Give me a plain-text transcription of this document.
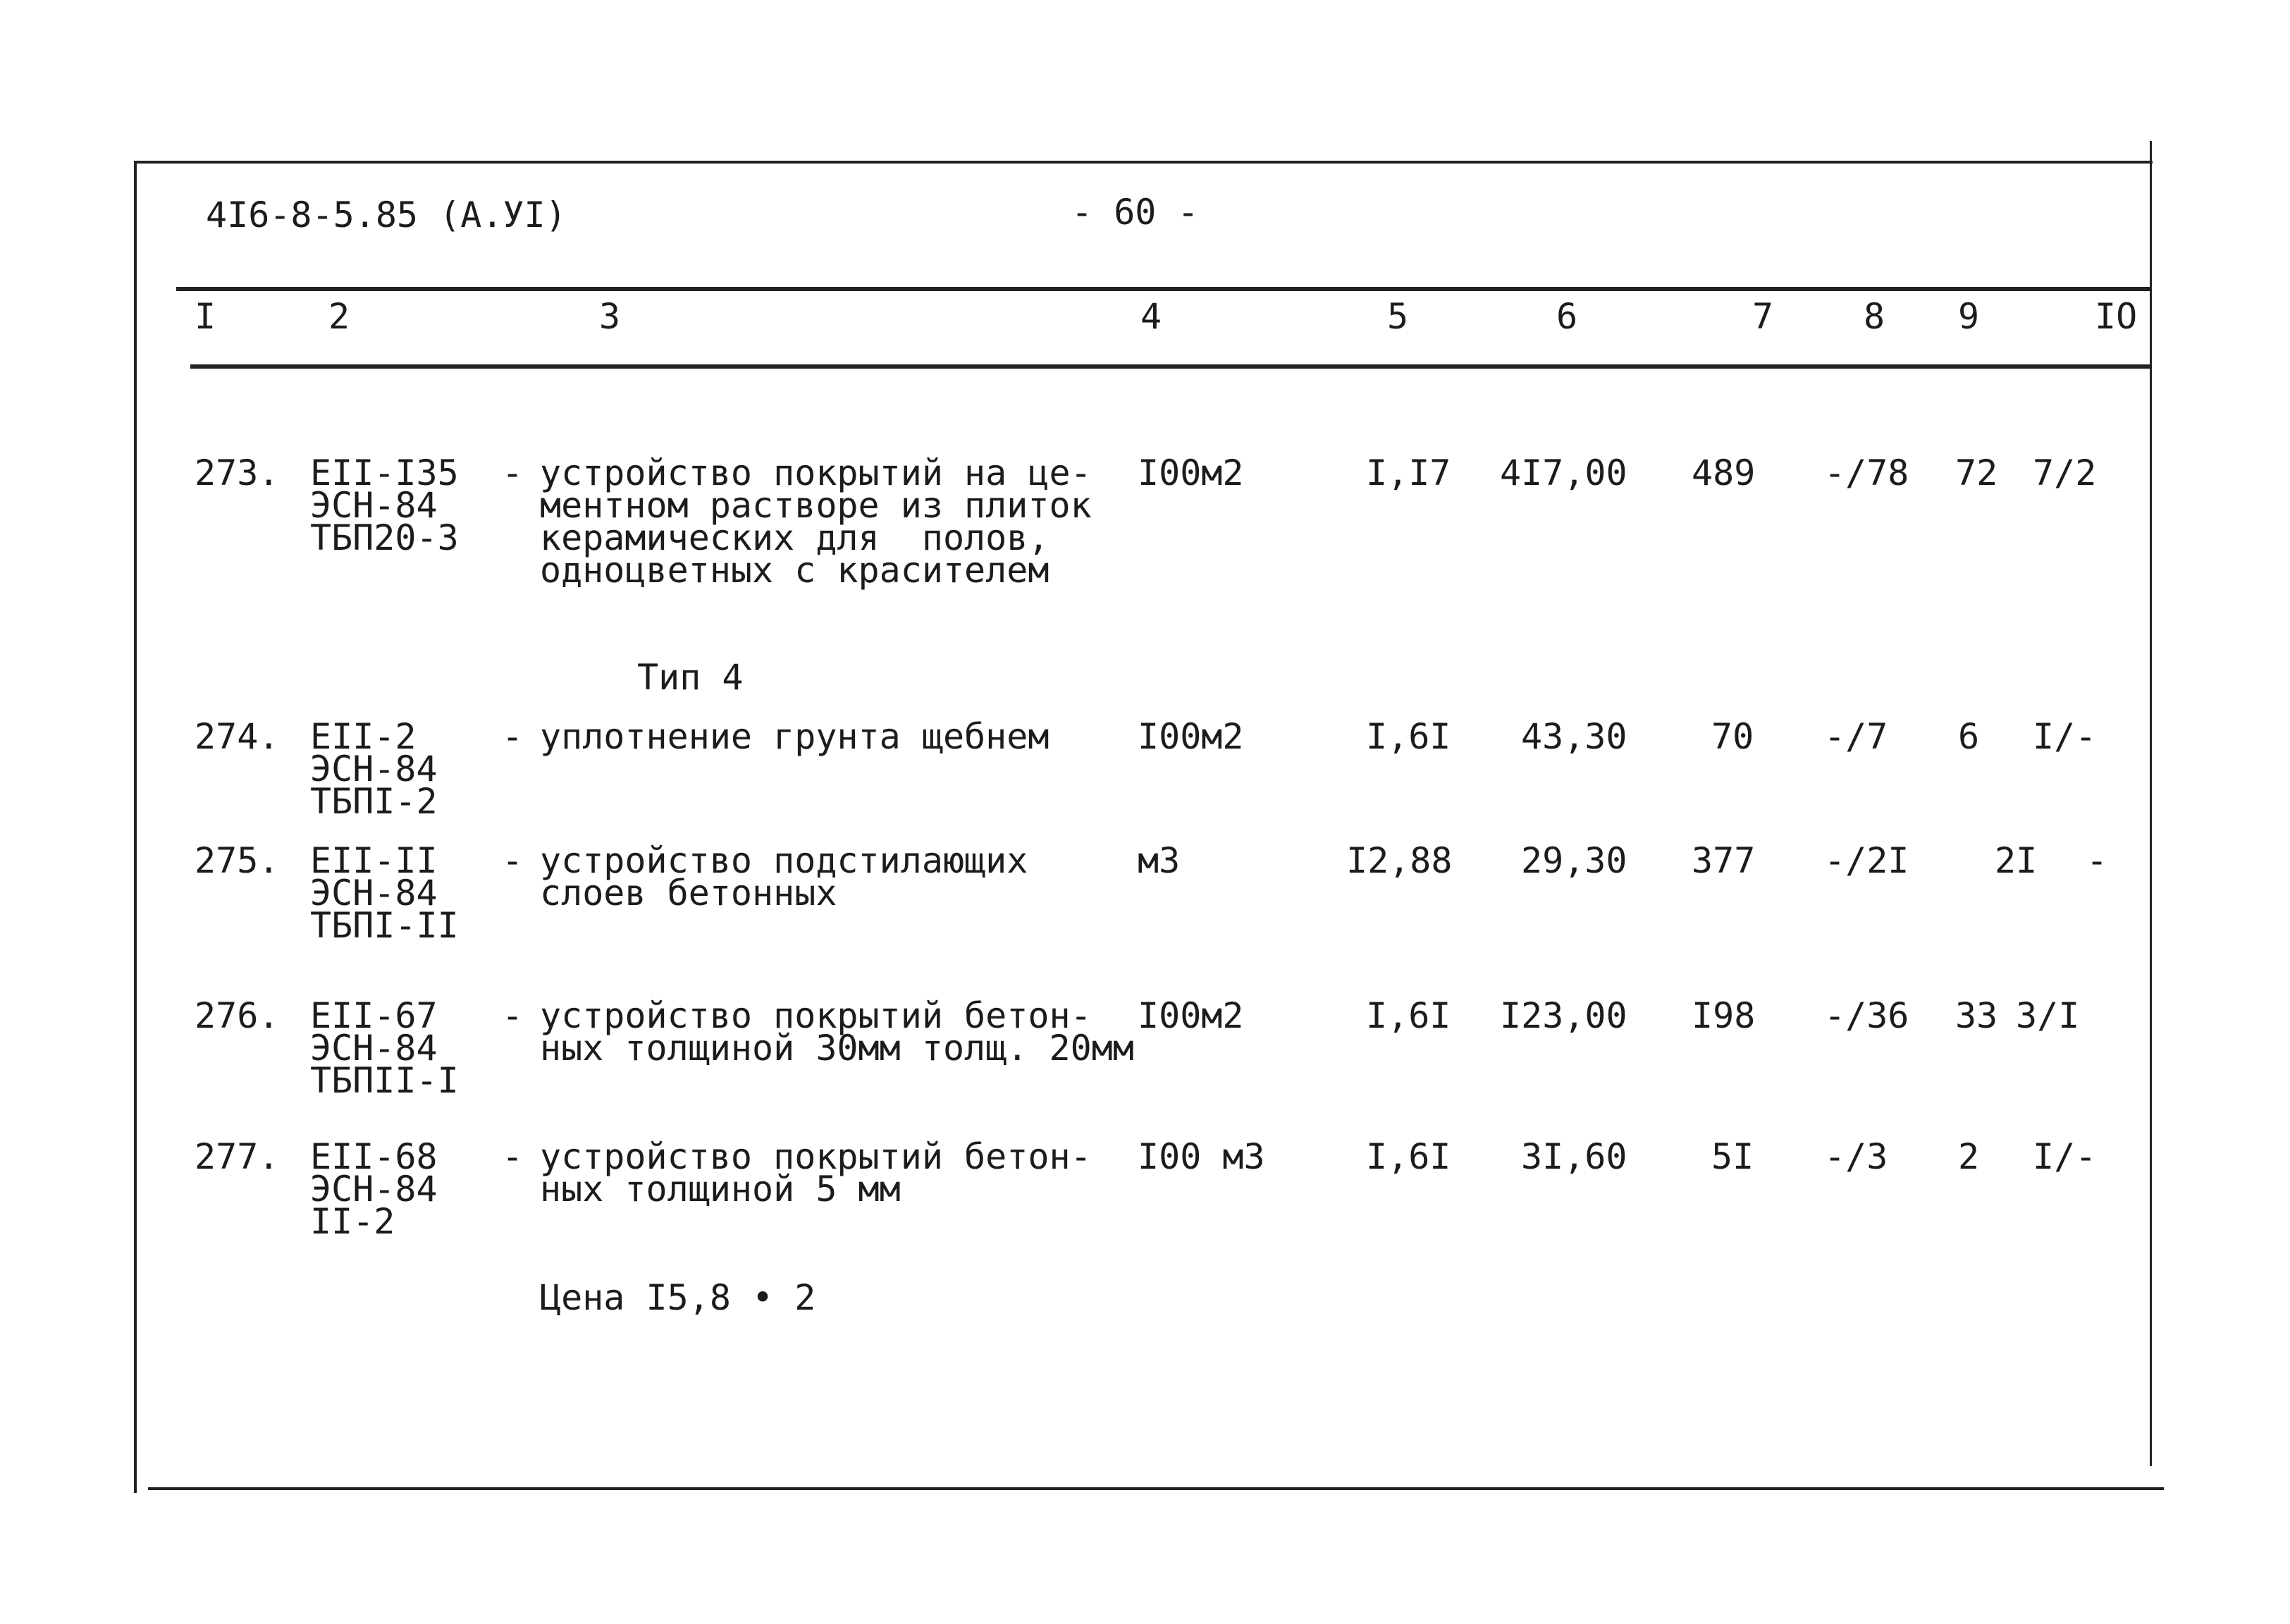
4I6-8-5.85 (А.УI)	- 60 -
I	2	3	4	5	6	7	8 9	IO
273. EII-I35
ЭСН-84
ТБП20-3
- устройство покрытий на це-
ментном растворе из плиток
керамических для  полов,
одноцветных с красителем
I00м2	I,I7 4I7,00 489 -/78 72 7/2
Тип 4
274. EII-2
ЭСН-84
ТБПI-2
- уплотнение грунта щебнем	I00м2	I,6I 43,30 70 -/7 6 I/-
275. EII-II
ЭСН-84
ТБПI-II
- устройство подстилающих
слоев бетонных
м3	I2,88 29,30 377 -/2I 2I -
276. EII-67
ЭСН-84
ТБПII-I
- устройство покрытий бетон-
ных толщиной 30мм толщ. 20мм
I00м2	I,6I I23,00 I98 -/36 33 3/I
277. EII-68
ЭСН-84
II-2
- устройство покрытий бетон-
ных толщиной 5 мм
I00 м3	I,6I 3I,60 5I -/3 2 I/-
Цена I5,8 • 2
